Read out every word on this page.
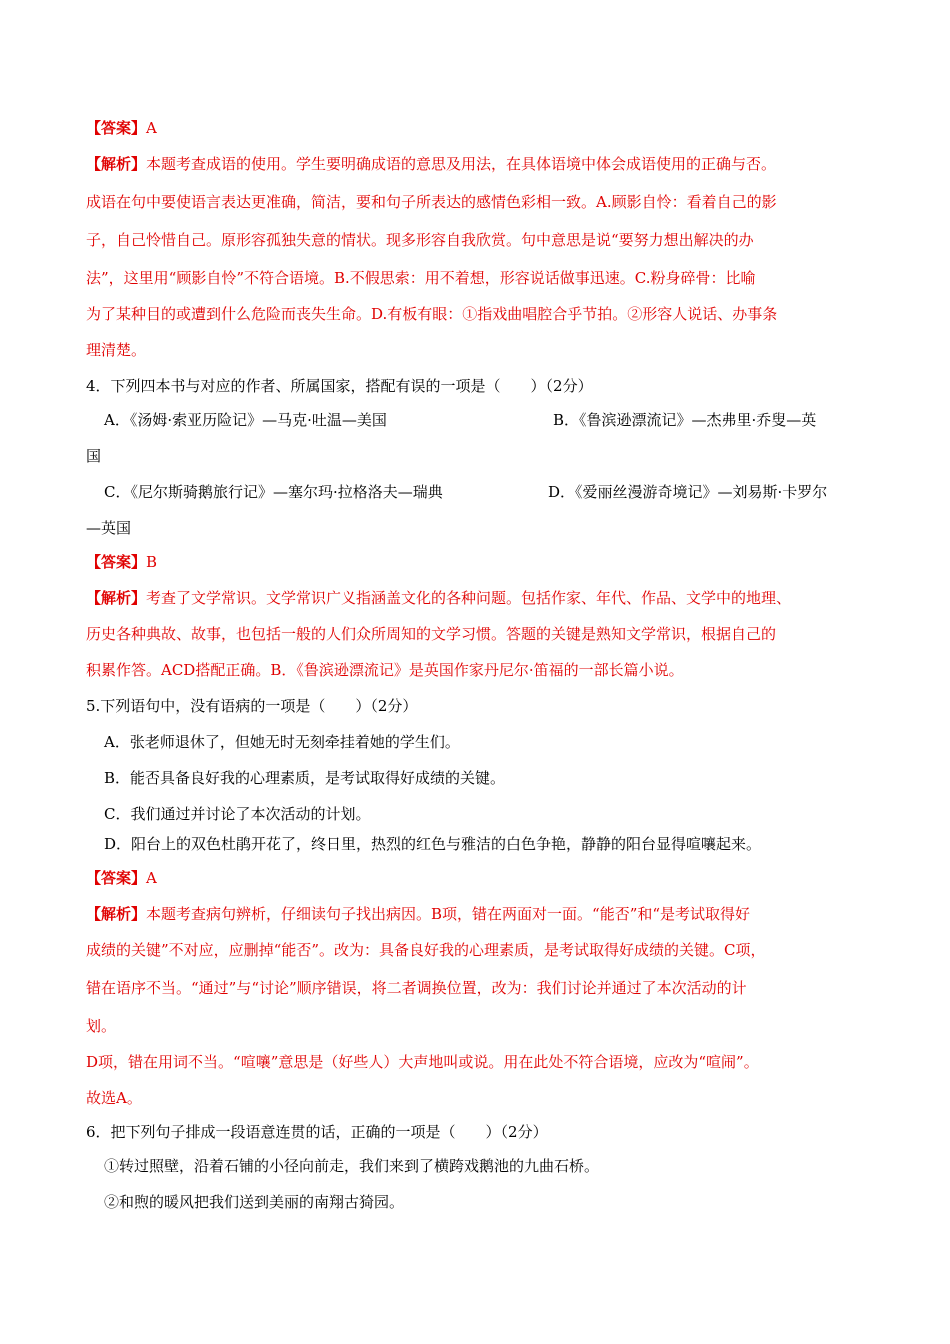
【答案】A
【解析】本题考查成语的使用。学生要明确成语的意思及用法，在具体语境中体会成语使用的正确与否。
成语在句中要使语言表达更准确，简洁，要和句子所表达的感情色彩相一致。A.顾影自怜：看着自己的影
子，自己怜惜自己。原形容孤独失意的情状。现多形容自我欣赏。句中意思是说“要努力想出解决的办
法”，这里用“顾影自怜”不符合语境。B.不假思索：用不着想，形容说话做事迅速。C.粉身碎骨：比喻
为了某种目的或遭到什么危险而丧失生命。D.有板有眼：①指戏曲唱腔合乎节拍。②形容人说话、办事条
理清楚。
4．下列四本书与对应的作者、所属国家，搭配有误的一项是（　　）（2分）
A．《汤姆·索亚历险记》—马克·吐温—美国	B．《鲁滨逊漂流记》—杰弗里·乔叟—英
国
C．《尼尔斯骑鹅旅行记》—塞尔玛·拉格洛夫—瑞典	D．《爱丽丝漫游奇境记》—刘易斯·卡罗尔
—英国
【答案】B
【解析】考查了文学常识。文学常识广义指涵盖文化的各种问题。包括作家、年代、作品、文学中的地理、
历史各种典故、故事，也包括一般的人们众所周知的文学习惯。答题的关键是熟知文学常识，根据自己的
积累作答。ACD搭配正确。B．《鲁滨逊漂流记》是英国作家丹尼尔·笛福的一部长篇小说。
5.下列语句中，没有语病的一项是（　　）（2分）
A．张老师退休了，但她无时无刻牵挂着她的学生们。
B．能否具备良好我的心理素质，是考试取得好成绩的关键。
C．我们通过并讨论了本次活动的计划。
D．阳台上的双色杜鹃开花了，终日里，热烈的红色与雅洁的白色争艳，静静的阳台显得喧嚷起来。
【答案】A
【解析】本题考查病句辨析，仔细读句子找出病因。B项，错在两面对一面。“能否”和“是考试取得好
成绩的关键”不对应，应删掉“能否”。改为：具备良好我的心理素质，是考试取得好成绩的关键。C项，
错在语序不当。“通过”与“讨论”顺序错误，将二者调换位置，改为：我们讨论并通过了本次活动的计
划。
D项，错在用词不当。“喧嚷”意思是（好些人）大声地叫或说。用在此处不符合语境，应改为“喧闹”。
故选A。
6．把下列句子排成一段语意连贯的话，正确的一项是（　　）（2分）
①转过照壁，沿着石铺的小径向前走，我们来到了横跨戏鹅池的九曲石桥。
②和煦的暖风把我们送到美丽的南翔古猗园。
